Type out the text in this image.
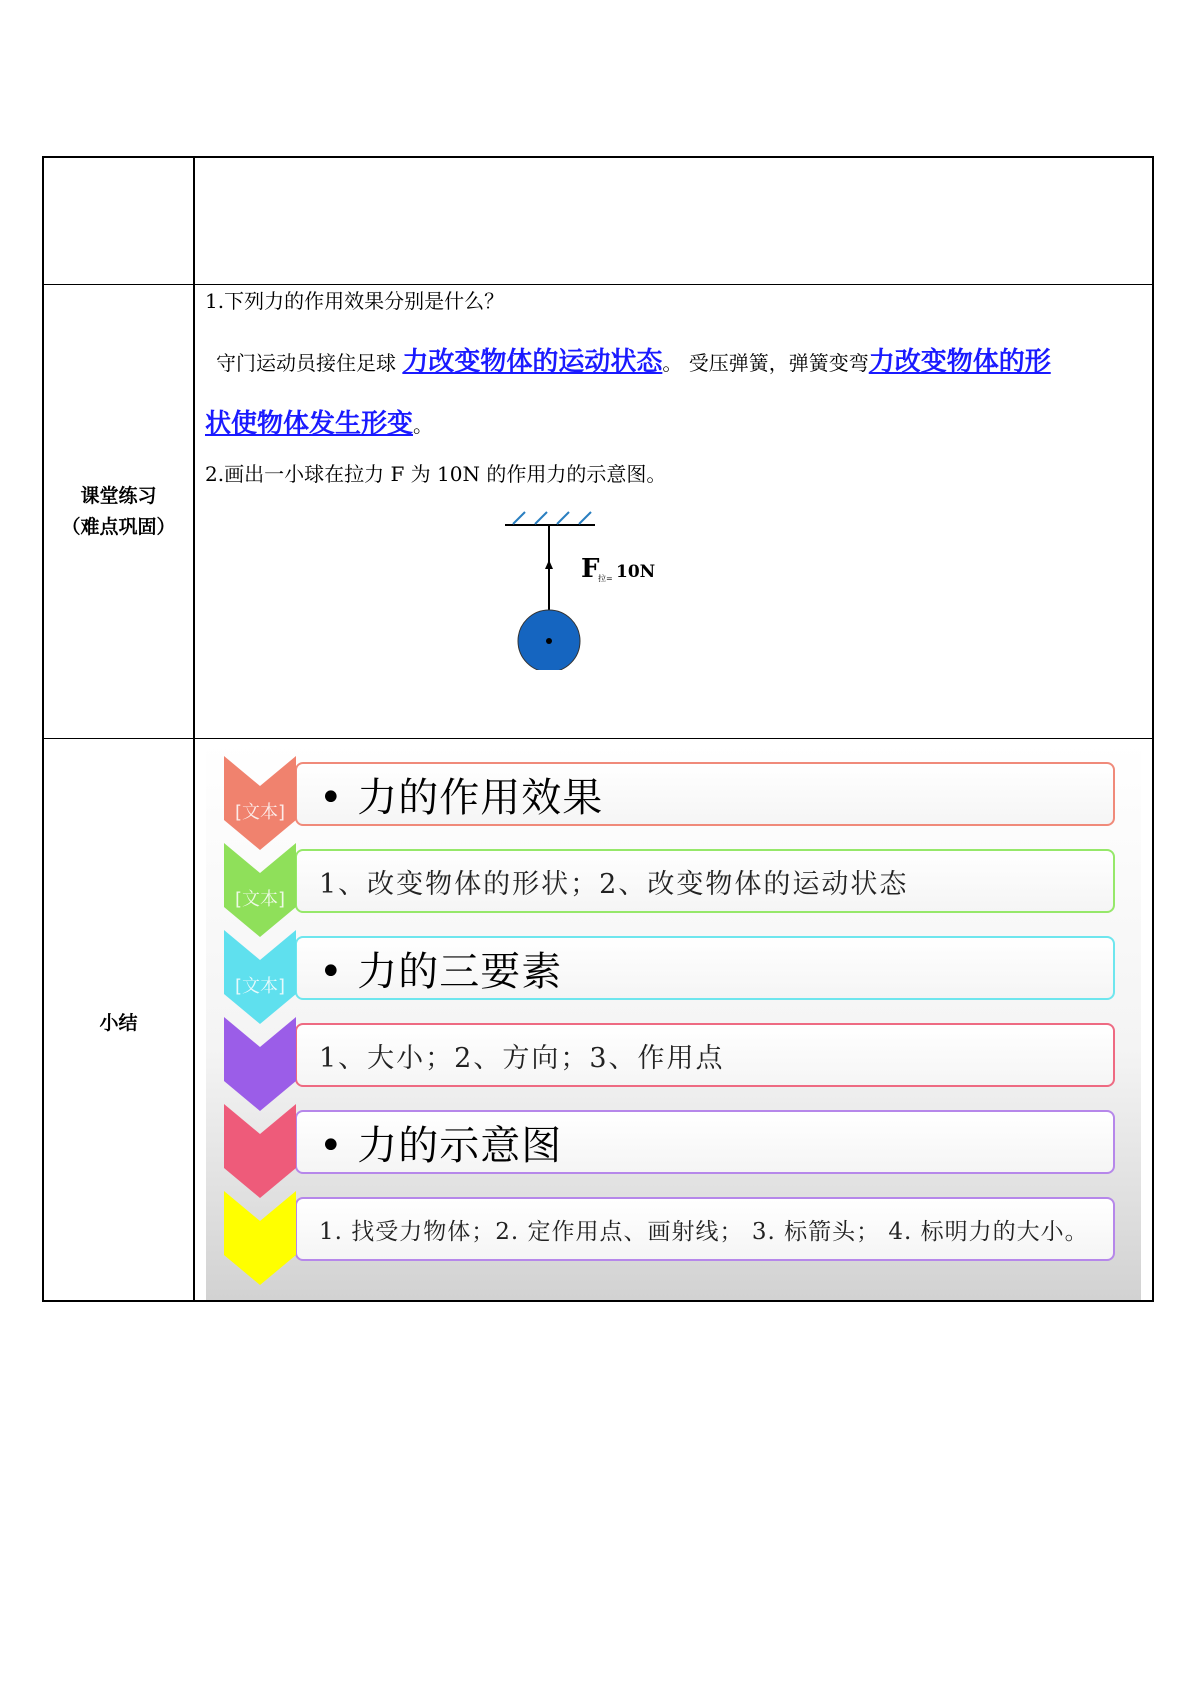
课堂练习
（难点巩固）
小结
1.下列力的作用效果分别是什么？
守门运动员接住足球 力改变物体的运动状态。 受压弹簧，弹簧变弯力改变物体的形
状使物体发生形变。
2.画出一小球在拉力 F 为 10N 的作用力的示意图。
F
拉= 10N
• 力的作用效果
[文本]
1、改变物体的形状；2、改变物体的运动状态
[文本]
• 力的三要素
[文本]
1、大小；2、方向；3、作用点
• 力的示意图
1. 找受力物体；2. 定作用点、画射线； 3. 标箭头； 4. 标明力的大小。
